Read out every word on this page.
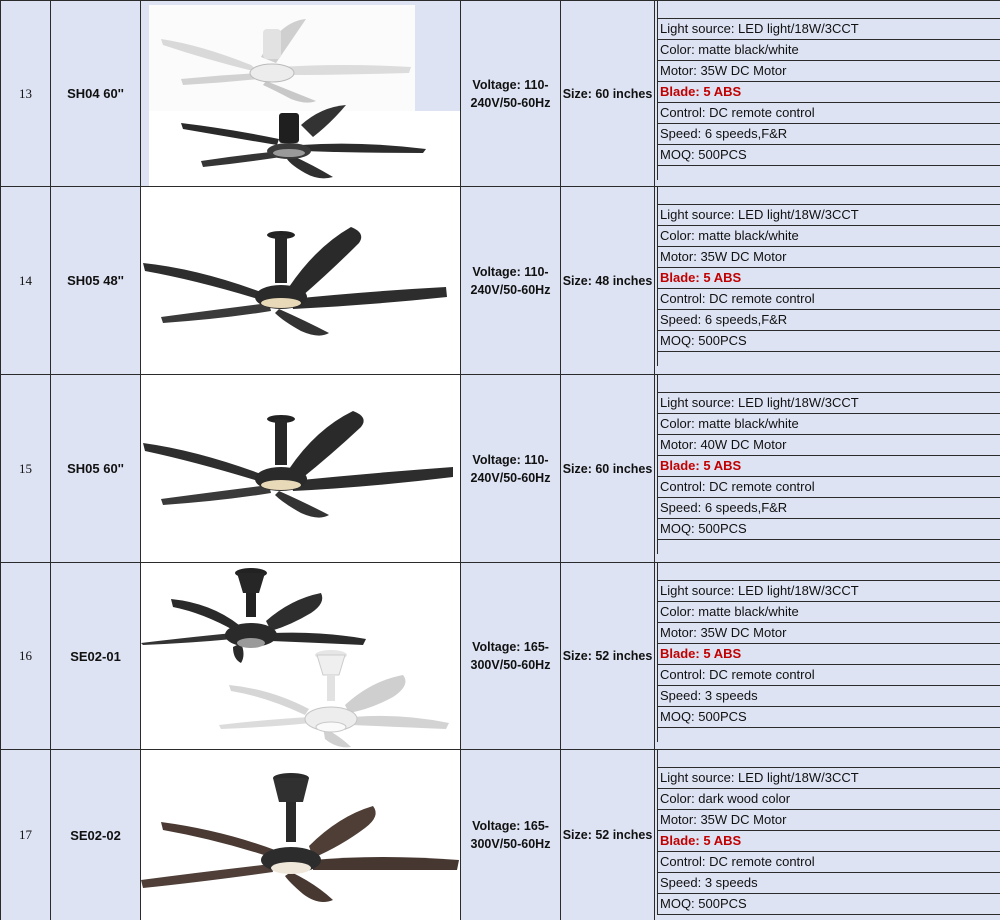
13	SH04 60''
Voltage: 110-240V/50-60Hz
Size: 60 inches
Light source: LED light/18W/3CCT
Color: matte black/white
Motor: 35W DC Motor
Blade: 5 ABS
Control: DC remote control
Speed: 6 speeds,F&R
MOQ: 500PCS
14	SH05 48''
Voltage: 110-240V/50-60Hz
Size: 48 inches
Light source: LED light/18W/3CCT
Color: matte black/white
Motor: 35W DC Motor
Blade: 5 ABS
Control: DC remote control
Speed: 6 speeds,F&R
MOQ: 500PCS
15	SH05 60''
Voltage: 110-240V/50-60Hz
Size: 60 inches
Light source: LED light/18W/3CCT
Color: matte black/white
Motor: 40W DC Motor
Blade: 5 ABS
Control: DC remote control
Speed: 6 speeds,F&R
MOQ: 500PCS
16	SE02-01
Voltage: 165-300V/50-60Hz
Size: 52 inches
Light source: LED light/18W/3CCT
Color: matte black/white
Motor: 35W DC Motor
Blade: 5 ABS
Control: DC remote control
Speed: 3 speeds
MOQ: 500PCS
17	SE02-02
Voltage: 165-300V/50-60Hz
Size: 52 inches
Light source: LED light/18W/3CCT
Color: dark wood color
Motor: 35W DC Motor
Blade: 5 ABS
Control: DC remote control
Speed: 3 speeds
MOQ: 500PCS
